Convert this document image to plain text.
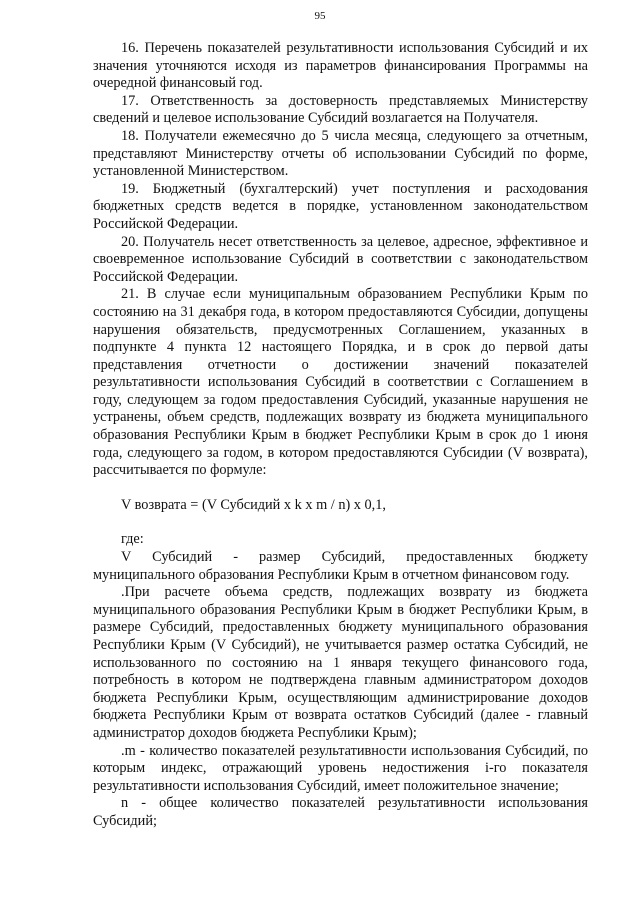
95

16. Перечень показателей результативности использования Субсидий и их значения уточняются исходя из параметров финансирования Программы на очередной финансовый год.

17. Ответственность за достоверность представляемых Министерству сведений и целевое использование Субсидий возлагается на Получателя.

18. Получатели ежемесячно до 5 числа месяца, следующего за отчетным, представляют Министерству отчеты об использовании Субсидий по форме, установленной Министерством.

19. Бюджетный (бухгалтерский) учет поступления и расходования бюджетных средств ведется в порядке, установленном законодательством Российской Федерации.

20. Получатель несет ответственность за целевое, адресное, эффективное и своевременное использование Субсидий в соответствии с законодательством Российской Федерации.

21. В случае если муниципальным образованием Республики Крым по состоянию на 31 декабря года, в котором предоставляются Субсидии, допущены нарушения обязательств, предусмотренных Соглашением, указанных в подпункте 4 пункта 12 настоящего Порядка, и в срок до первой даты представления отчетности о достижении значений показателей результативности использования Субсидий в соответствии с Соглашением в году, следующем за годом предоставления Субсидий, указанные нарушения не устранены, объем средств, подлежащих возврату из бюджета муниципального образования Республики Крым в бюджет Республики Крым в срок до 1 июня года, следующего за годом, в котором предоставляются Субсидии (V возврата), рассчитывается по формуле:

V возврата = (V Субсидий x k x m / n) x 0,1,

где:

V Субсидий - размер Субсидий, предоставленных бюджету муниципального образования Республики Крым в отчетном финансовом году.

.При расчете объема средств, подлежащих возврату из бюджета муниципального образования Республики Крым в бюджет Республики Крым, в размере Субсидий, предоставленных бюджету муниципального образования Республики Крым (V Субсидий), не учитывается размер остатка Субсидий, не использованного по состоянию на 1 января текущего финансового года, потребность в котором не подтверждена главным администратором доходов бюджета Республики Крым, осуществляющим администрирование доходов бюджета Республики Крым от возврата остатков Субсидий (далее - главный администратор доходов бюджета Республики Крым);

.m - количество показателей результативности использования Субсидий, по которым индекс, отражающий уровень недостижения i-го показателя результативности использования Субсидий, имеет положительное значение;

n - общее количество показателей результативности использования Субсидий;
